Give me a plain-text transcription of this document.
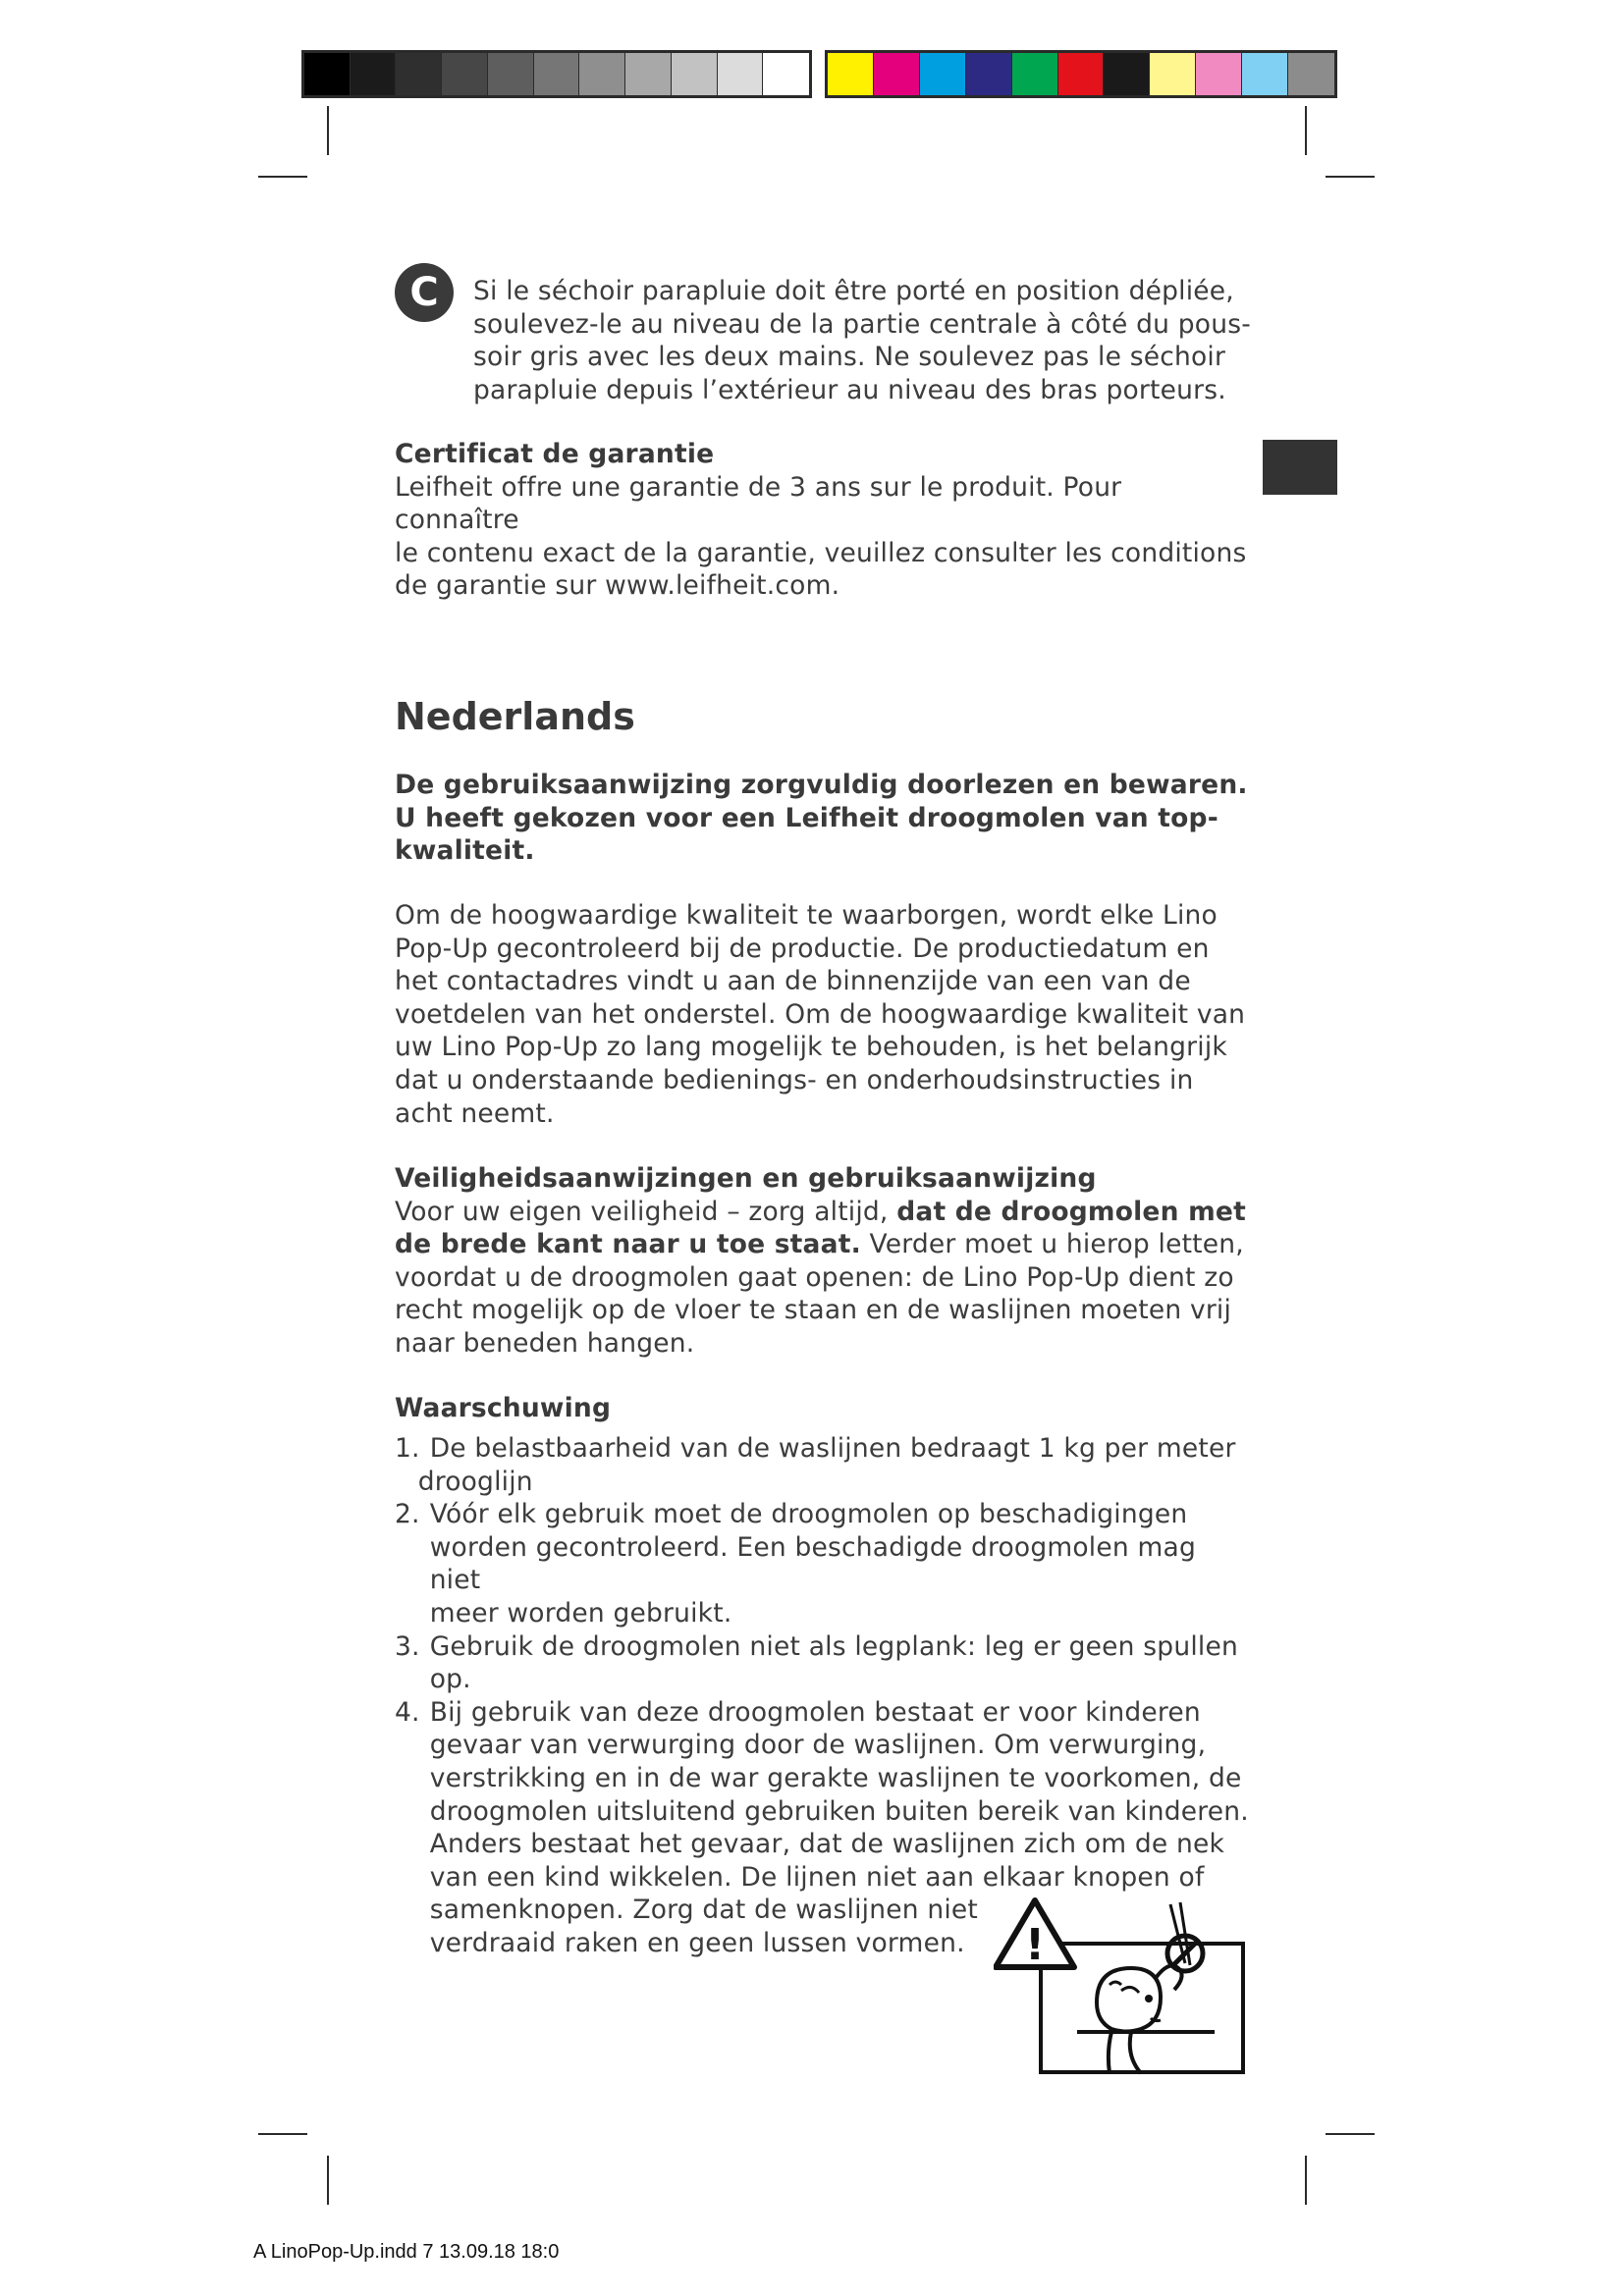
C	Si le séchoir parapluie doit être porté en position dépliée,
soulevez-le au niveau de la partie centrale à côté du pous-
soir gris avec les deux mains. Ne soulevez pas le séchoir
parapluie depuis l’extérieur au niveau des bras porteurs.
Certificat de garantie
Leifheit offre une garantie de 3 ans sur le produit. Pour connaître
le contenu exact de la garantie, veuillez consulter les conditions
de garantie sur www.leifheit.com.
Nederlands
De gebruiksaanwijzing zorgvuldig doorlezen en bewaren.
U heeft gekozen voor een Leifheit droogmolen van top-
kwaliteit.
Om de hoogwaardige kwaliteit te waarborgen, wordt elke Lino
Pop-Up gecontroleerd bij de productie. De productiedatum en
het contactadres vindt u aan de binnenzijde van een van de
voetdelen van het onderstel. Om de hoogwaardige kwaliteit van
uw Lino Pop-Up zo lang mogelijk te behouden, is het belangrijk
dat u onderstaande bedienings- en onderhoudsinstructies in
acht neemt.
Veiligheidsaanwijzingen en gebruiksaanwijzing
Voor uw eigen veiligheid – zorg altijd, dat de droogmolen met
de brede kant naar u toe staat. Verder moet u hierop letten,
voordat u de droogmolen gaat openen: de Lino Pop-Up dient zo
recht mogelijk op de vloer te staan en de waslijnen moeten vrij
naar beneden hangen.
Waarschuwing
1. De belastbaarheid van de waslijnen bedraagt 1 kg per meter
drooglijn
2. Vóór elk gebruik moet de droogmolen op beschadigingen
worden gecontroleerd. Een beschadigde droogmolen mag niet
meer worden gebruikt.
3. Gebruik de droogmolen niet als legplank: leg er geen spullen
op.
4. Bij gebruik van deze droogmolen bestaat er voor kinderen
gevaar van verwurging door de waslijnen. Om verwurging,
verstrikking en in de war gerakte waslijnen te voorkomen, de
droogmolen uitsluitend gebruiken buiten bereik van kinderen.
Anders bestaat het gevaar, dat de waslijnen zich om de nek
van een kind wikkelen. De lijnen niet aan elkaar knopen of
samenknopen. Zorg dat de waslijnen niet
verdraaid raken en geen lussen vormen.	!
A LinoPop-Up.indd 7 13.09.18 18:0
